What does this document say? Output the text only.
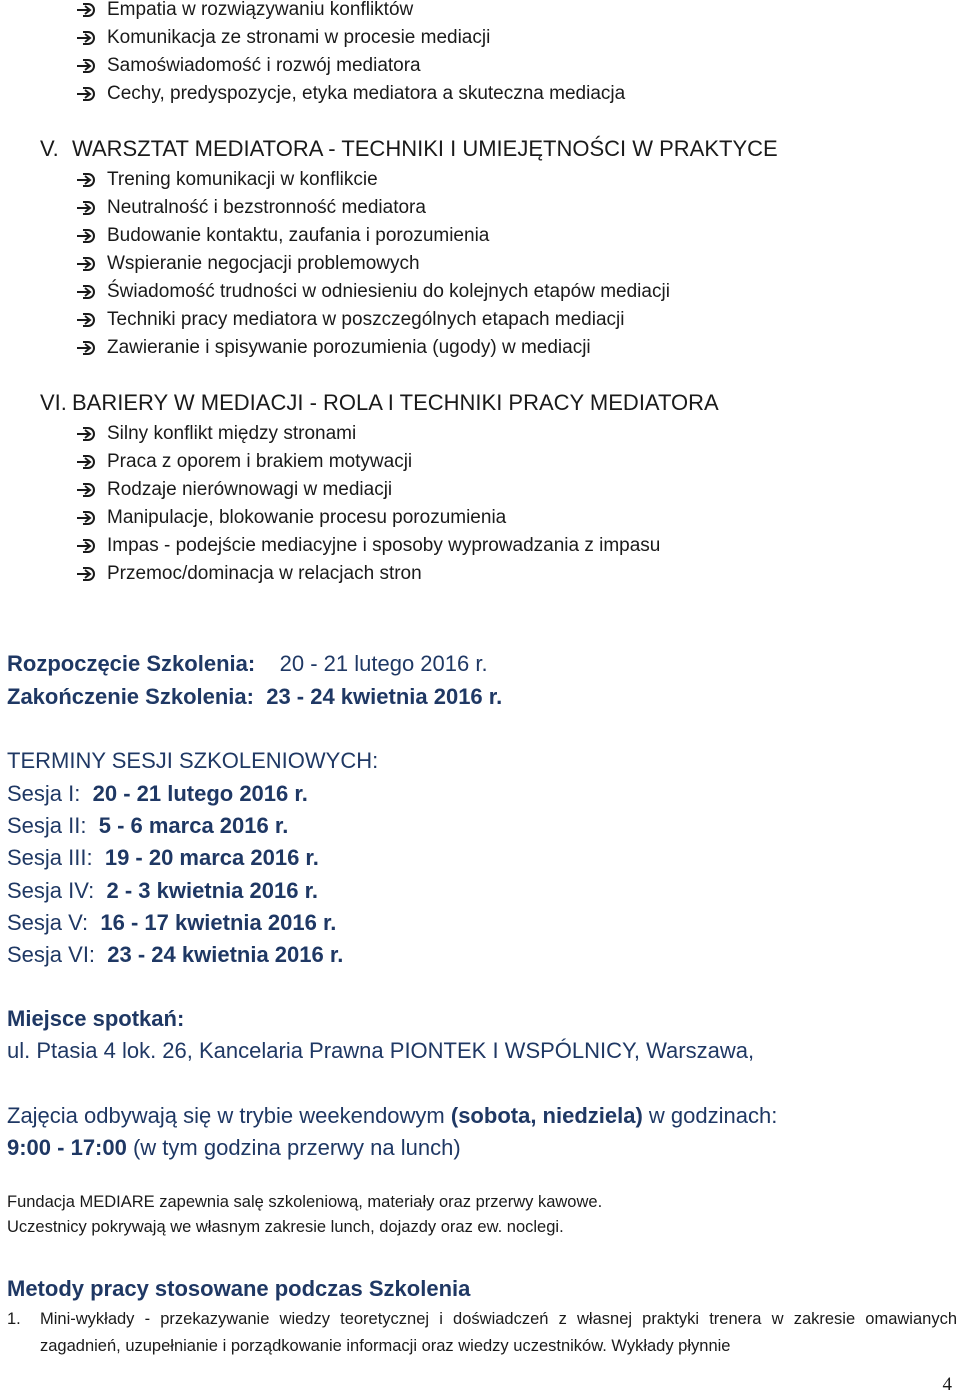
Empatia w rozwiązywaniu konfliktów
Komunikacja ze stronami w procesie mediacji
Samoświadomość i rozwój mediatora
Cechy, predyspozycje, etyka mediatora a skuteczna mediacja
V. WARSZTAT MEDIATORA - TECHNIKI I UMIEJĘTNOŚCI W PRAKTYCE
Trening komunikacji w konflikcie
Neutralność i bezstronność mediatora
Budowanie kontaktu, zaufania i porozumienia
Wspieranie negocjacji problemowych
Świadomość trudności w odniesieniu do kolejnych etapów mediacji
Techniki pracy mediatora w poszczególnych etapach mediacji
Zawieranie i spisywanie porozumienia (ugody) w mediacji
VI. BARIERY W MEDIACJI - ROLA I TECHNIKI PRACY MEDIATORA
Silny konflikt między stronami
Praca z oporem i brakiem motywacji
Rodzaje nierównowagi w mediacji
Manipulacje, blokowanie procesu porozumienia
Impas - podejście mediacyjne i sposoby wyprowadzania z impasu
Przemoc/dominacja w relacjach stron
Rozpoczęcie Szkolenia: 20 - 21 lutego 2016 r.
Zakończenie Szkolenia: 23 - 24 kwietnia 2016 r.
TERMINY SESJI SZKOLENIOWYCH:
Sesja I: 20 - 21 lutego 2016 r.
Sesja II: 5 - 6 marca 2016 r.
Sesja III: 19 - 20 marca 2016 r.
Sesja IV: 2 - 3 kwietnia 2016 r.
Sesja V: 16 - 17 kwietnia 2016 r.
Sesja VI: 23 - 24 kwietnia 2016 r.
Miejsce spotkań:
ul. Ptasia 4 lok. 26, Kancelaria Prawna PIONTEK I WSPÓLNICY, Warszawa,
Zajęcia odbywają się w trybie weekendowym (sobota, niedziela) w godzinach:
9:00 - 17:00 (w tym godzina przerwy na lunch)
Fundacja MEDIARE zapewnia salę szkoleniową, materiały oraz przerwy kawowe.
Uczestnicy pokrywają we własnym zakresie lunch, dojazdy oraz ew. noclegi.
Metody pracy stosowane podczas Szkolenia
1. Mini-wykłady - przekazywanie wiedzy teoretycznej i doświadczeń z własnej praktyki trenera w zakresie omawianych zagadnień, uzupełnianie i porządkowanie informacji oraz wiedzy uczestników. Wykłady płynnie
4
